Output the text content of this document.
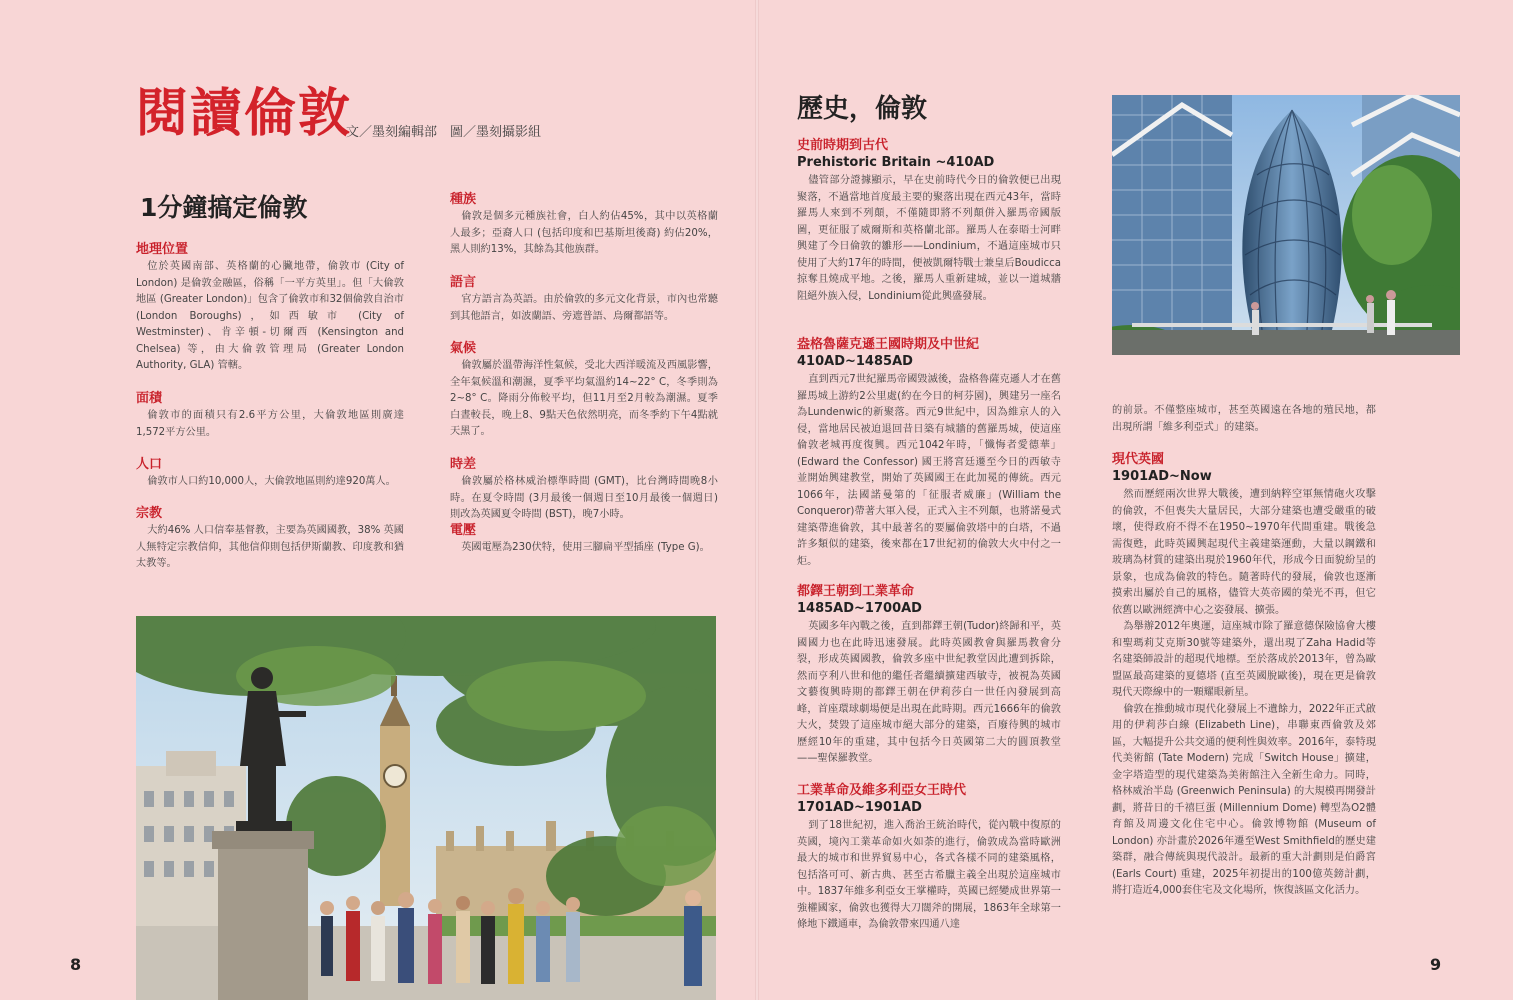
閱讀倫敦
文／墨刻編輯部　圖／墨刻攝影組
1分鐘搞定倫敦
地理位置

位於英國南部、英格蘭的心臟地帶，倫敦市 (City of London) 是倫敦金融區，俗稱「一平方英里」。但「大倫敦地區 (Greater London)」包含了倫敦市和32個倫敦自治市 (London Boroughs)，如西敏市 (City of Westminster)、肯辛頓-切爾西 (Kensington and Chelsea) 等，由大倫敦管理局 (Greater London Authority, GLA) 管轄。

面積

倫敦市的面積只有2.6平方公里，大倫敦地區則廣達1,572平方公里。

人口

倫敦市人口約10,000人，大倫敦地區則約達920萬人。

宗教

大約46% 人口信奉基督教，主要為英國國教，38% 英國人無特定宗教信仰，其他信仰則包括伊斯蘭教、印度教和猶太教等。

種族

倫敦是個多元種族社會，白人約佔45%，其中以英格蘭人最多；亞裔人口 (包括印度和巴基斯坦後裔) 約佔20%，黑人則約13%，其餘為其他族群。

語言

官方語言為英語。由於倫敦的多元文化背景，市內也常聽到其他語言，如波蘭語、旁遮普語、烏爾都語等。

氣候

倫敦屬於溫帶海洋性氣候，受北大西洋暖流及西風影響，全年氣候溫和潮濕，夏季平均氣溫約14~22° C，冬季則為2~8° C。降雨分佈較平均，但11月至2月較為潮濕。夏季白晝較長，晚上8、9點天色依然明亮，而冬季約下午4點就天黑了。

時差

倫敦屬於格林威治標準時間 (GMT)，比台灣時間晚8小時。在夏令時間 (3月最後一個週日至10月最後一個週日) 則改為英國夏令時間 (BST)，晚7小時。

電壓

英國電壓為230伏特，使用三腳扁平型插座 (Type G)。

8
歷史，倫敦
史前時期到古代
Prehistoric Britain ~410AD

儘管部分證據顯示，早在史前時代今日的倫敦便已出現聚落，不過當地首度最主要的聚落出現在西元43年，當時羅馬人來到不列顛，不僅隨即將不列顛併入羅馬帝國版圖，更征服了威爾斯和英格蘭北部。羅馬人在泰晤士河畔興建了今日倫敦的雛形——Londinium，不過這座城市只使用了大約17年的時間，便被凱爾特戰士兼皇后Boudicca掠奪且燒成平地。之後，羅馬人重新建城，並以一道城牆阻絕外族入侵，Londinium從此興盛發展。

盎格魯薩克遜王國時期及中世紀
410AD~1485AD

直到西元7世紀羅馬帝國毀滅後，盎格魯薩克遜人才在舊羅馬城上游約2公里處(約在今日的柯芬園)，興建另一座名為Lundenwic的新聚落。西元9世紀中，因為維京人的入侵，當地居民被迫退回昔日築有城牆的舊羅馬城，使這座倫敦老城再度復興。西元1042年時，「懺悔者愛德華」(Edward the Confessor) 國王將宮廷遷至今日的西敏寺並開始興建教堂，開始了英國國王在此加冕的傳統。西元1066年，法國諾曼第的「征服者威廉」(William the Conqueror)帶著大軍入侵，正式入主不列顛，也將諾曼式建築帶進倫敦，其中最著名的要屬倫敦塔中的白塔，不過許多類似的建築，後來都在17世紀初的倫敦大火中付之一炬。

都鐸王朝到工業革命
1485AD~1700AD

英國多年內戰之後，直到都鐸王朝(Tudor)終歸和平，英國國力也在此時迅速發展。此時英國教會與羅馬教會分裂，形成英國國教，倫敦多座中世紀教堂因此遭到拆除，然而亨利八世和他的繼任者繼續擴建西敏寺，被視為英國文藝復興時期的都鐸王朝在伊莉莎白一世任內發展到高峰，首座環球劇場便是出現在此時期。西元1666年的倫敦大火，焚毀了這座城市絕大部分的建築，百廢待興的城市歷經10年的重建，其中包括今日英國第二大的圓頂教堂——聖保羅教堂。

工業革命及維多利亞女王時代
1701AD~1901AD

到了18世紀初，進入喬治王統治時代，從內戰中復原的英國，境內工業革命如火如荼的進行，倫敦成為當時歐洲最大的城市和世界貿易中心，各式各樣不同的建築風格，包括洛可可、新古典、甚至古希臘主義全出現於這座城市中。1837年維多利亞女王掌權時，英國已經變成世界第一強權國家，倫敦也獲得大刀闊斧的開展，1863年全球第一條地下鐵通車，為倫敦帶來四通八達

的前景。不僅整座城市，甚至英國遠在各地的殖民地，都出現所謂「維多利亞式」的建築。

現代英國
1901AD~Now

然而歷經兩次世界大戰後，遭到納粹空軍無情砲火攻擊的倫敦，不但喪失大量居民，大部分建築也遭受嚴重的破壞，使得政府不得不在1950~1970年代間重建。戰後急需復甦，此時英國興起現代主義建築運動，大量以鋼鐵和玻璃為材質的建築出現於1960年代，形成今日面貌紛呈的景象，也成為倫敦的特色。隨著時代的發展，倫敦也逐漸摸索出屬於自己的風格，儘管大英帝國的榮光不再，但它依舊以歐洲經濟中心之姿發展、擴張。

為舉辦2012年奧運，這座城市除了羅意德保險協會大樓和聖瑪莉艾克斯30號等建築外，還出現了Zaha Hadid等名建築師設計的超現代地標。至於落成於2013年，曾為歐盟區最高建築的夏德塔 (直至英國脫歐後)，現在更是倫敦現代天際線中的一顆耀眼新星。

倫敦在推動城市現代化發展上不遺餘力，2022年正式啟用的伊莉莎白線 (Elizabeth Line)，串聯東西倫敦及郊區，大幅提升公共交通的便利性與效率。2016年，泰特現代美術館 (Tate Modern) 完成「Switch House」擴建，金字塔造型的現代建築為美術館注入全新生命力。同時，格林威治半島 (Greenwich Peninsula) 的大規模再開發計劃，將昔日的千禧巨蛋 (Millennium Dome) 轉型為O2體育館及周邊文化住宅中心。倫敦博物館 (Museum of London) 亦計畫於2026年遷至West Smithfield的歷史建築群，融合傳統與現代設計。最新的重大計劃則是伯爵宮 (Earls Court) 重建，2025年初提出的100億英鎊計劃，將打造近4,000套住宅及文化場所，恢復該區文化活力。

9
